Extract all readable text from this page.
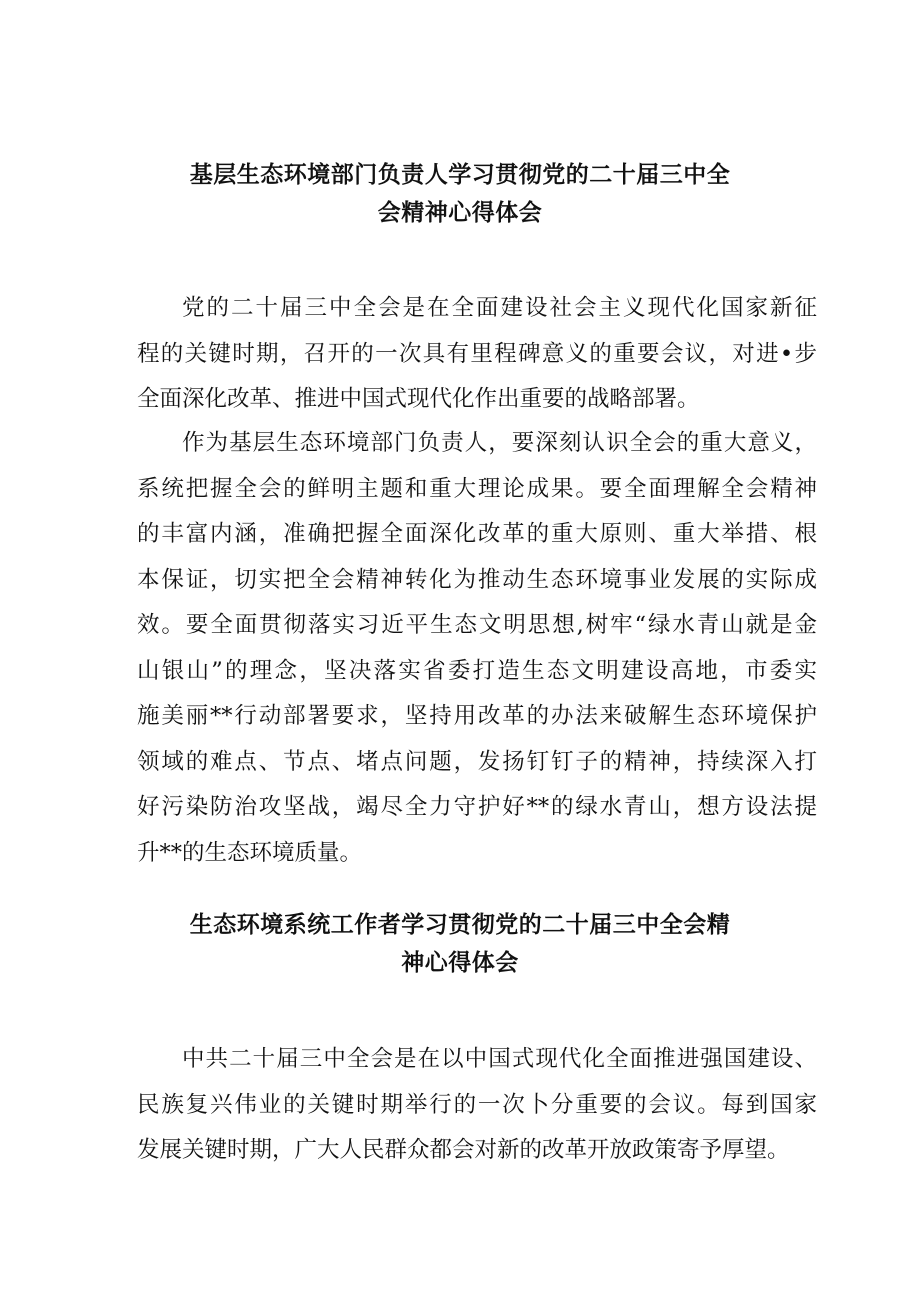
基层生态环境部门负责人学习贯彻党的二十届三中全
会精神心得体会
党的二十届三中全会是在全面建设社会主义现代化国家新征
程的关键时期，召开的一次具有里程碑意义的重要会议，对进•步
全面深化改革、推进中国式现代化作出重要的战略部署。
作为基层生态环境部门负责人，要深刻认识全会的重大意义，
系统把握全会的鲜明主题和重大理论成果。要全面理解全会精神
的丰富内涵，准确把握全面深化改革的重大原则、重大举措、根
本保证，切实把全会精神转化为推动生态环境事业发展的实际成
效。要全面贯彻落实习近平生态文明思想,树牢“绿水青山就是金
山银山”的理念，坚决落实省委打造生态文明建设高地，市委实
施美丽**行动部署要求，坚持用改革的办法来破解生态环境保护
领域的难点、节点、堵点问题，发扬钉钉子的精神，持续深入打
好污染防治攻坚战，竭尽全力守护好**的绿水青山，想方设法提
升**的生态环境质量。
生态环境系统工作者学习贯彻党的二十届三中全会精
神心得体会
中共二十届三中全会是在以中国式现代化全面推进强国建设、
民族复兴伟业的关键时期举行的一次卜分重要的会议。每到国家
发展关键时期，广大人民群众都会对新的改革开放政策寄予厚望。
